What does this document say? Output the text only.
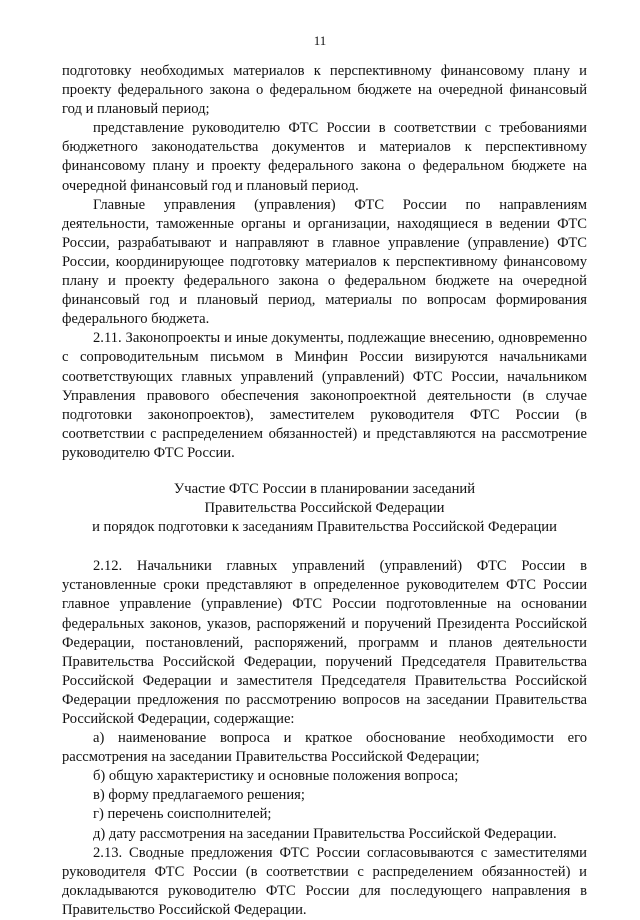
11

подготовку необходимых материалов к перспективному финансовому плану и проекту федерального закона о федеральном бюджете на очередной финансовый год и плановый период;

представление руководителю ФТС России в соответствии с требованиями бюджетного законодательства документов и материалов к перспективному финансовому плану и проекту федерального закона о федеральном бюджете на очередной финансовый год и плановый период.

Главные управления (управления) ФТС России по направлениям деятельности, таможенные органы и организации, находящиеся в ведении ФТС России, разрабатывают и направляют в главное управление (управление) ФТС России, координирующее подготовку материалов к перспективному финансовому плану и проекту федерального закона о федеральном бюджете на очередной финансовый год и плановый период, материалы по вопросам формирования федерального бюджета.

2.11. Законопроекты и иные документы, подлежащие внесению, одновременно с сопроводительным письмом в Минфин России визируются начальниками соответствующих главных управлений (управлений) ФТС России, начальником Управления правового обеспечения законопроектной деятельности (в случае подготовки законопроектов), заместителем руководителя ФТС России (в соответствии с распределением обязанностей) и представляются на рассмотрение руководителю ФТС России.

Участие ФТС России в планировании заседаний
Правительства Российской Федерации
и порядок подготовки к заседаниям Правительства Российской Федерации

2.12. Начальники главных управлений (управлений) ФТС России в установленные сроки представляют в определенное руководителем ФТС России главное управление (управление) ФТС России подготовленные на основании федеральных законов, указов, распоряжений и поручений Президента Российской Федерации, постановлений, распоряжений, программ и планов деятельности Правительства Российской Федерации, поручений Председателя Правительства Российской Федерации и заместителя Председателя Правительства Российской Федерации предложения по рассмотрению вопросов на заседании Правительства Российской Федерации, содержащие:

а) наименование вопроса и краткое обоснование необходимости его рассмотрения на заседании Правительства Российской Федерации;

б) общую характеристику и основные положения вопроса;

в) форму предлагаемого решения;

г) перечень соисполнителей;

д) дату рассмотрения на заседании Правительства Российской Федерации.

2.13. Сводные предложения ФТС России согласовываются с заместителями руководителя ФТС России (в соответствии с распределением обязанностей) и докладываются руководителю ФТС России для последующего направления в Правительство Российской Федерации.
